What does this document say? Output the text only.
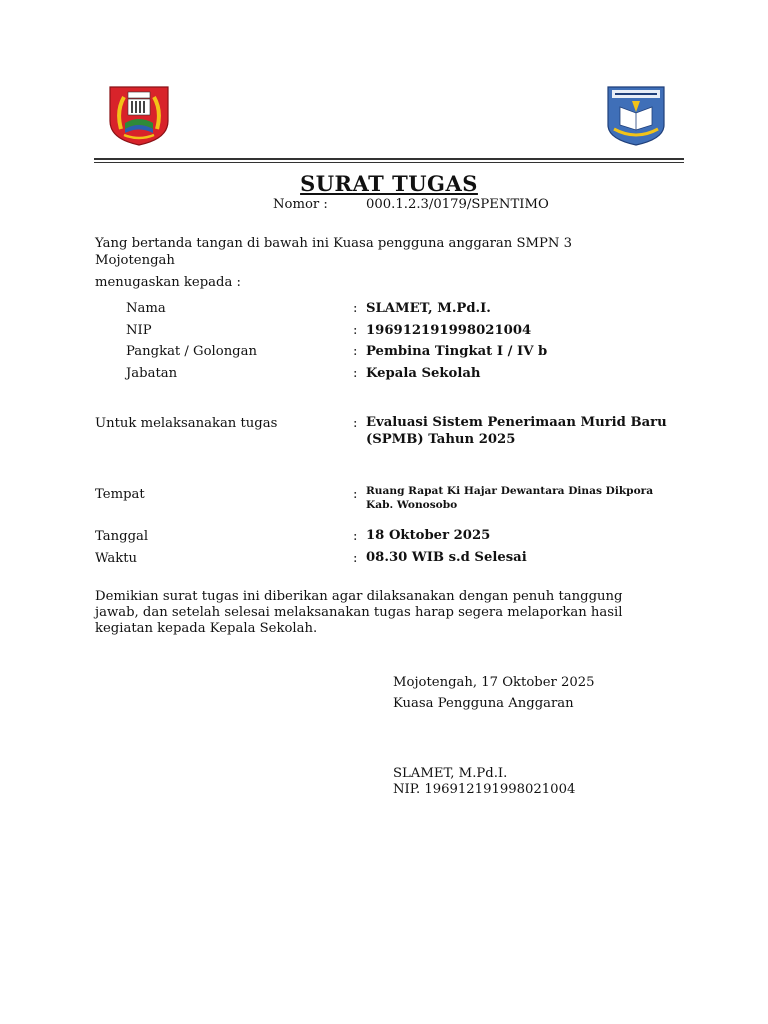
SURAT TUGAS
Nomor :	000.1.2.3/0179/SPENTIMO
Yang bertanda tangan di bawah ini Kuasa pengguna anggaran SMPN 3
Mojotengah
menugaskan kepada :
Nama	: SLAMET, M.Pd.I.
NIP	: 196912191998021004
Pangkat / Golongan	: Pembina Tingkat I / IV b
Jabatan	: Kepala Sekolah
Untuk melaksanakan tugas	: Evaluasi Sistem Penerimaan Murid Baru
(SPMB) Tahun 2025
Tempat	: Ruang Rapat Ki Hajar Dewantara Dinas Dikpora
Kab. Wonosobo
Tanggal	: 18 Oktober 2025
Waktu	: 08.30 WIB s.d Selesai
Demikian surat tugas ini diberikan agar dilaksanakan dengan penuh tanggung
jawab, dan setelah selesai melaksanakan tugas harap segera melaporkan hasil
kegiatan kepada Kepala Sekolah.
Mojotengah, 17 Oktober 2025
Kuasa Pengguna Anggaran
SLAMET, M.Pd.I.
NIP. 196912191998021004
